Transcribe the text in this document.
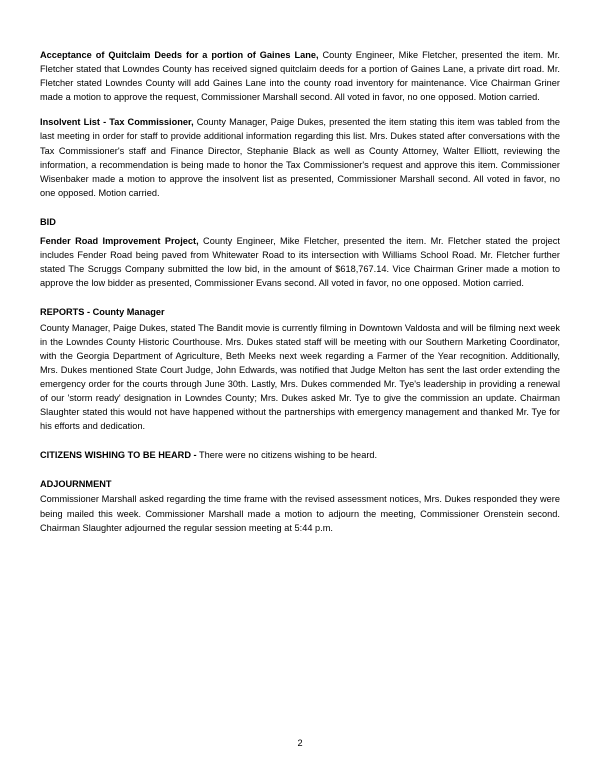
Acceptance of Quitclaim Deeds for a portion of Gaines Lane, County Engineer, Mike Fletcher, presented the item. Mr. Fletcher stated that Lowndes County has received signed quitclaim deeds for a portion of Gaines Lane, a private dirt road. Mr. Fletcher stated Lowndes County will add Gaines Lane into the county road inventory for maintenance. Vice Chairman Griner made a motion to approve the request, Commissioner Marshall second. All voted in favor, no one opposed. Motion carried.

Insolvent List - Tax Commissioner, County Manager, Paige Dukes, presented the item stating this item was tabled from the last meeting in order for staff to provide additional information regarding this list. Mrs. Dukes stated after conversations with the Tax Commissioner's staff and Finance Director, Stephanie Black as well as County Attorney, Walter Elliott, reviewing the information, a recommendation is being made to honor the Tax Commissioner's request and approve this item. Commissioner Wisenbaker made a motion to approve the insolvent list as presented, Commissioner Marshall second. All voted in favor, no one opposed. Motion carried.

BID

Fender Road Improvement Project, County Engineer, Mike Fletcher, presented the item. Mr. Fletcher stated the project includes Fender Road being paved from Whitewater Road to its intersection with Williams School Road. Mr. Fletcher further stated The Scruggs Company submitted the low bid, in the amount of $618,767.14. Vice Chairman Griner made a motion to approve the low bidder as presented, Commissioner Evans second. All voted in favor, no one opposed. Motion carried.

REPORTS - County Manager

County Manager, Paige Dukes, stated The Bandit movie is currently filming in Downtown Valdosta and will be filming next week in the Lowndes County Historic Courthouse. Mrs. Dukes stated staff will be meeting with our Southern Marketing Coordinator, with the Georgia Department of Agriculture, Beth Meeks next week regarding a Farmer of the Year recognition. Additionally, Mrs. Dukes mentioned State Court Judge, John Edwards, was notified that Judge Melton has sent the last order extending the emergency order for the courts through June 30th. Lastly, Mrs. Dukes commended Mr. Tye's leadership in providing a renewal of our 'storm ready' designation in Lowndes County; Mrs. Dukes asked Mr. Tye to give the commission an update. Chairman Slaughter stated this would not have happened without the partnerships with emergency management and thanked Mr. Tye for his efforts and dedication.

CITIZENS WISHING TO BE HEARD - There were no citizens wishing to be heard.

ADJOURNMENT

Commissioner Marshall asked regarding the time frame with the revised assessment notices, Mrs. Dukes responded they were being mailed this week. Commissioner Marshall made a motion to adjourn the meeting, Commissioner Orenstein second. Chairman Slaughter adjourned the regular session meeting at 5:44 p.m.

2
